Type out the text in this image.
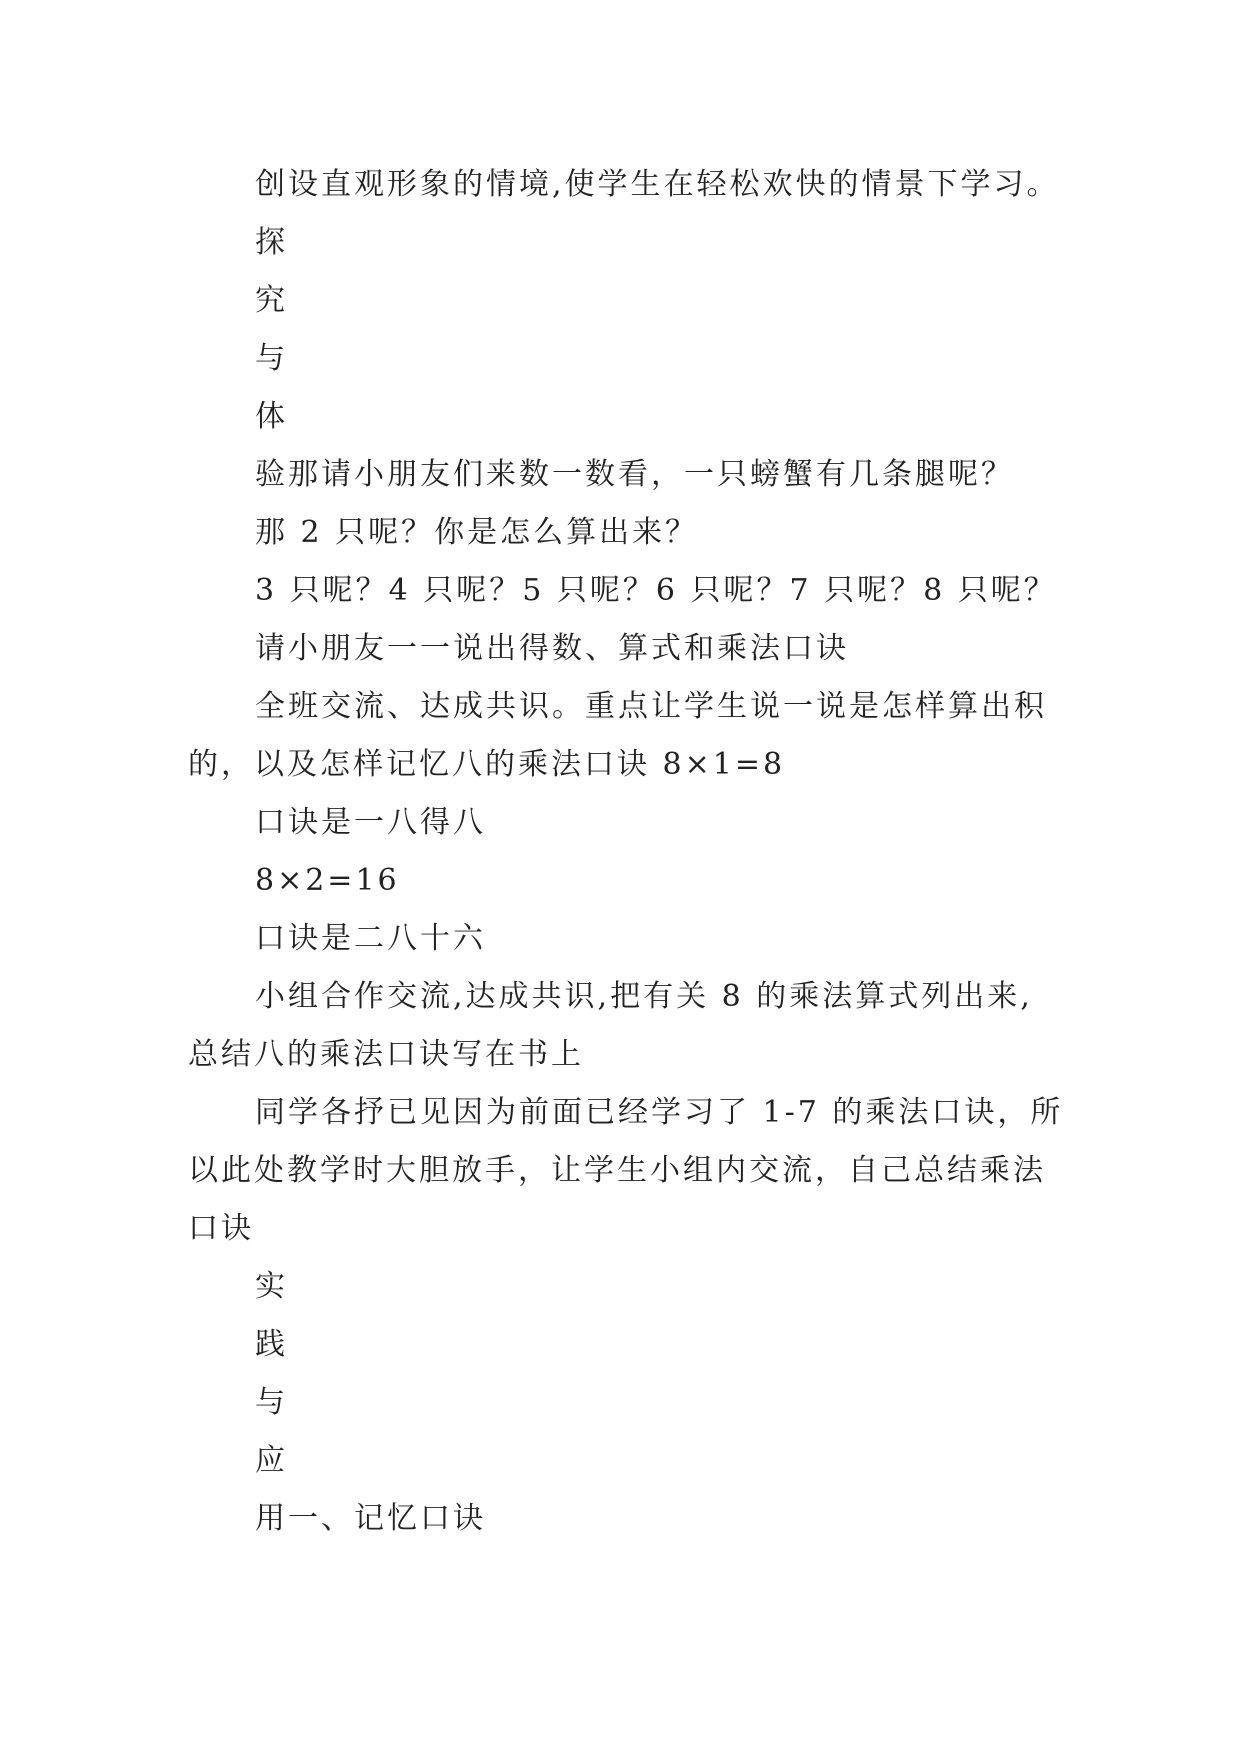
创设直观形象的情境,使学生在轻松欢快的情景下学习。
探
究
与
体
验那请小朋友们来数一数看，一只螃蟹有几条腿呢？
那 2 只呢？你是怎么算出来？
3 只呢？4 只呢？5 只呢？6 只呢？7 只呢？8 只呢？
请小朋友一一说出得数、算式和乘法口诀
全班交流、达成共识。重点让学生说一说是怎样算出积
的，以及怎样记忆八的乘法口诀 8×1=8
口诀是一八得八
8×2=16
口诀是二八十六
小组合作交流,达成共识,把有关 8 的乘法算式列出来,
总结八的乘法口诀写在书上
同学各抒已见因为前面已经学习了 1-7 的乘法口诀，所
以此处教学时大胆放手，让学生小组内交流，自己总结乘法
口诀
实
践
与
应
用一、记忆口诀
